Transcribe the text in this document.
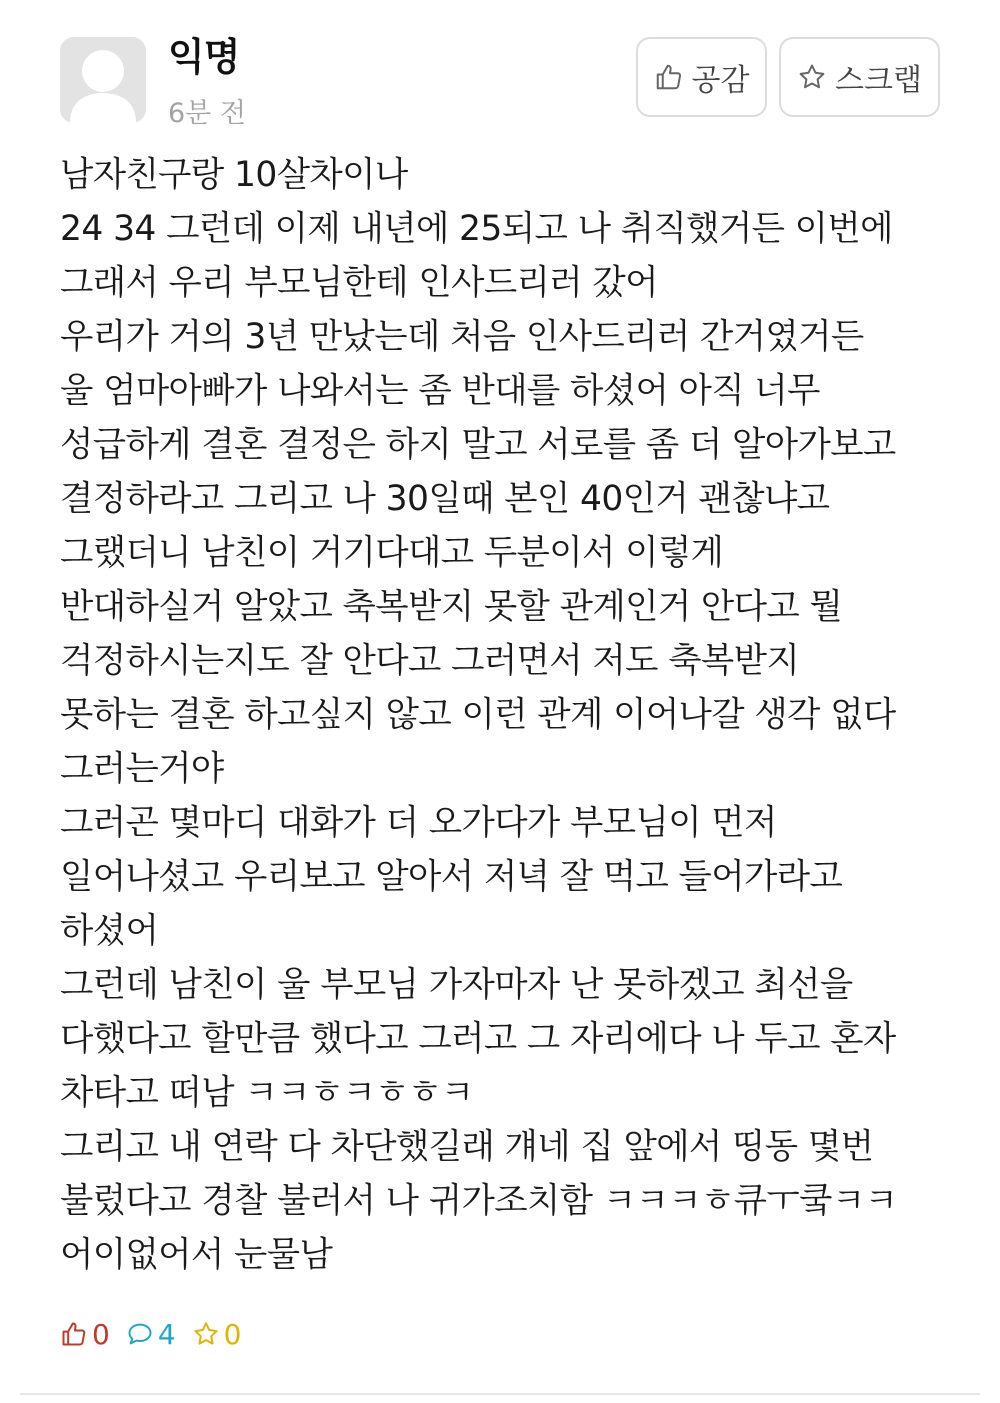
익명
6분 전
공감	스크랩
남자친구랑 10살차이나
24 34 그런데 이제 내년에 25되고 나 취직했거든 이번에
그래서 우리 부모님한테 인사드리러 갔어
우리가 거의 3년 만났는데 처음 인사드리러 간거였거든
울 엄마아빠가 나와서는 좀 반대를 하셨어 아직 너무
성급하게 결혼 결정은 하지 말고 서로를 좀 더 알아가보고
결정하라고 그리고 나 30일때 본인 40인거 괜찮냐고
그랬더니 남친이 거기다대고 두분이서 이렇게
반대하실거 알았고 축복받지 못할 관계인거 안다고 뭘
걱정하시는지도 잘 안다고 그러면서 저도 축복받지
못하는 결혼 하고싶지 않고 이런 관계 이어나갈 생각 없다
그러는거야
그러곤 몇마디 대화가 더 오가다가 부모님이 먼저
일어나셨고 우리보고 알아서 저녁 잘 먹고 들어가라고
하셨어
그런데 남친이 울 부모님 가자마자 난 못하겠고 최선을
다했다고 할만큼 했다고 그러고 그 자리에다 나 두고 혼자
차타고 떠남 ㅋㅋㅎㅋㅎㅎㅋ
그리고 내 연락 다 차단했길래 걔네 집 앞에서 띵동 몇번
불렀다고 경찰 불러서 나 귀가조치함 ㅋㅋㅋㅎ큐ㅜ쿸ㅋㅋ
어이없어서 눈물남
0 4 0
